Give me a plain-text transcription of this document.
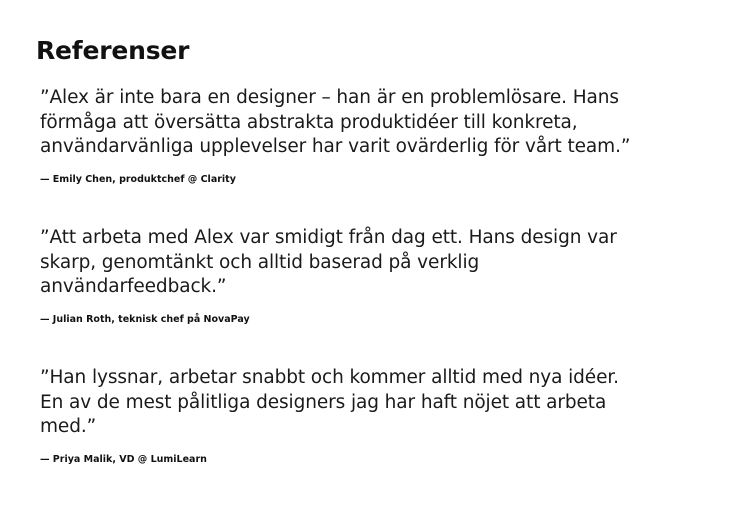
Referenser

”Alex är inte bara en designer – han är en problemlösare. Hans
förmåga att översätta abstrakta produktidéer till konkreta,
användarvänliga upplevelser har varit ovärderlig för vårt team.”

— Emily Chen, produktchef @ Clarity

”Att arbeta med Alex var smidigt från dag ett. Hans design var
skarp, genomtänkt och alltid baserad på verklig
användarfeedback.”

— Julian Roth, teknisk chef på NovaPay

”Han lyssnar, arbetar snabbt och kommer alltid med nya idéer.
En av de mest pålitliga designers jag har haft nöjet att arbeta
med.”

— Priya Malik, VD @ LumiLearn
